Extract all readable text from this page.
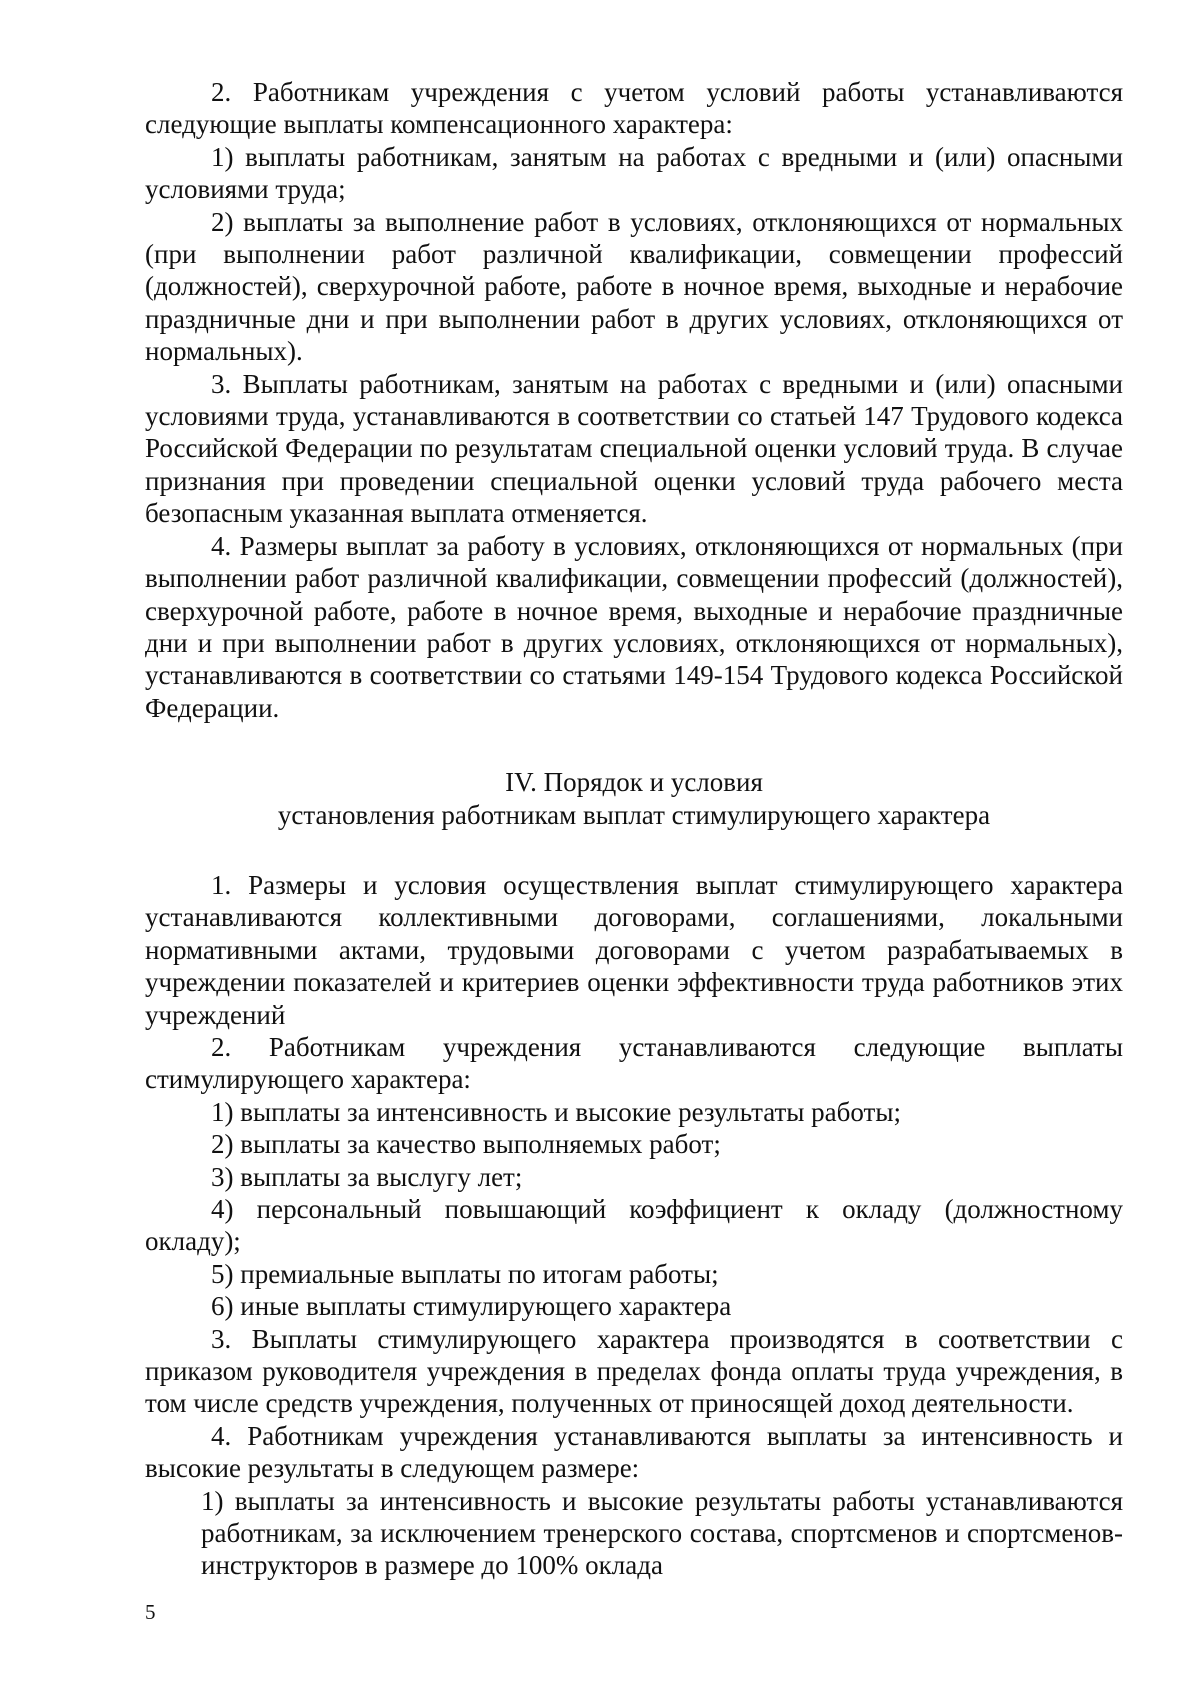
2. Работникам учреждения с учетом условий работы устанавливаются следующие выплаты компенсационного характера:

1) выплаты работникам, занятым на работах с вредными и (или) опасными условиями труда;

2) выплаты за выполнение работ в условиях, отклоняющихся от нормальных (при выполнении работ различной квалификации, совмещении профессий (должностей), сверхурочной работе, работе в ночное время, выходные и нерабочие праздничные дни и при выполнении работ в других условиях, отклоняющихся от нормальных).

3. Выплаты работникам, занятым на работах с вредными и (или) опасными условиями труда, устанавливаются в соответствии со статьей 147 Трудового кодекса Российской Федерации по результатам специальной оценки условий труда. В случае признания при проведении специальной оценки условий труда рабочего места безопасным указанная выплата отменяется.

4. Размеры выплат за работу в условиях, отклоняющихся от нормальных (при выполнении работ различной квалификации, совмещении профессий (должностей), сверхурочной работе, работе в ночное время, выходные и нерабочие праздничные дни и при выполнении работ в других условиях, отклоняющихся от нормальных), устанавливаются в соответствии со статьями 149-154 Трудового кодекса Российской Федерации.

IV. Порядок и условия

установления работникам выплат стимулирующего характера

1. Размеры и условия осуществления выплат стимулирующего характера устанавливаются коллективными договорами, соглашениями, локальными нормативными актами, трудовыми договорами с учетом разрабатываемых в учреждении показателей и критериев оценки эффективности труда работников этих учреждений

2. Работникам учреждения устанавливаются следующие выплаты стимулирующего характера:

1) выплаты за интенсивность и высокие результаты работы;

2) выплаты за качество выполняемых работ;

3) выплаты за выслугу лет;

4) персональный повышающий коэффициент к окладу (должностному окладу);

5) премиальные выплаты по итогам работы;

6) иные выплаты стимулирующего характера

3. Выплаты стимулирующего характера производятся в соответствии с приказом руководителя учреждения в пределах фонда оплаты труда учреждения, в том числе средств учреждения, полученных от приносящей доход деятельности.

4. Работникам учреждения устанавливаются выплаты за интенсивность и высокие результаты в следующем размере:

1) выплаты за интенсивность и высокие результаты работы устанавливаются работникам, за исключением тренерского состава, спортсменов и спортсменов-инструкторов в размере до 100% оклада

5
